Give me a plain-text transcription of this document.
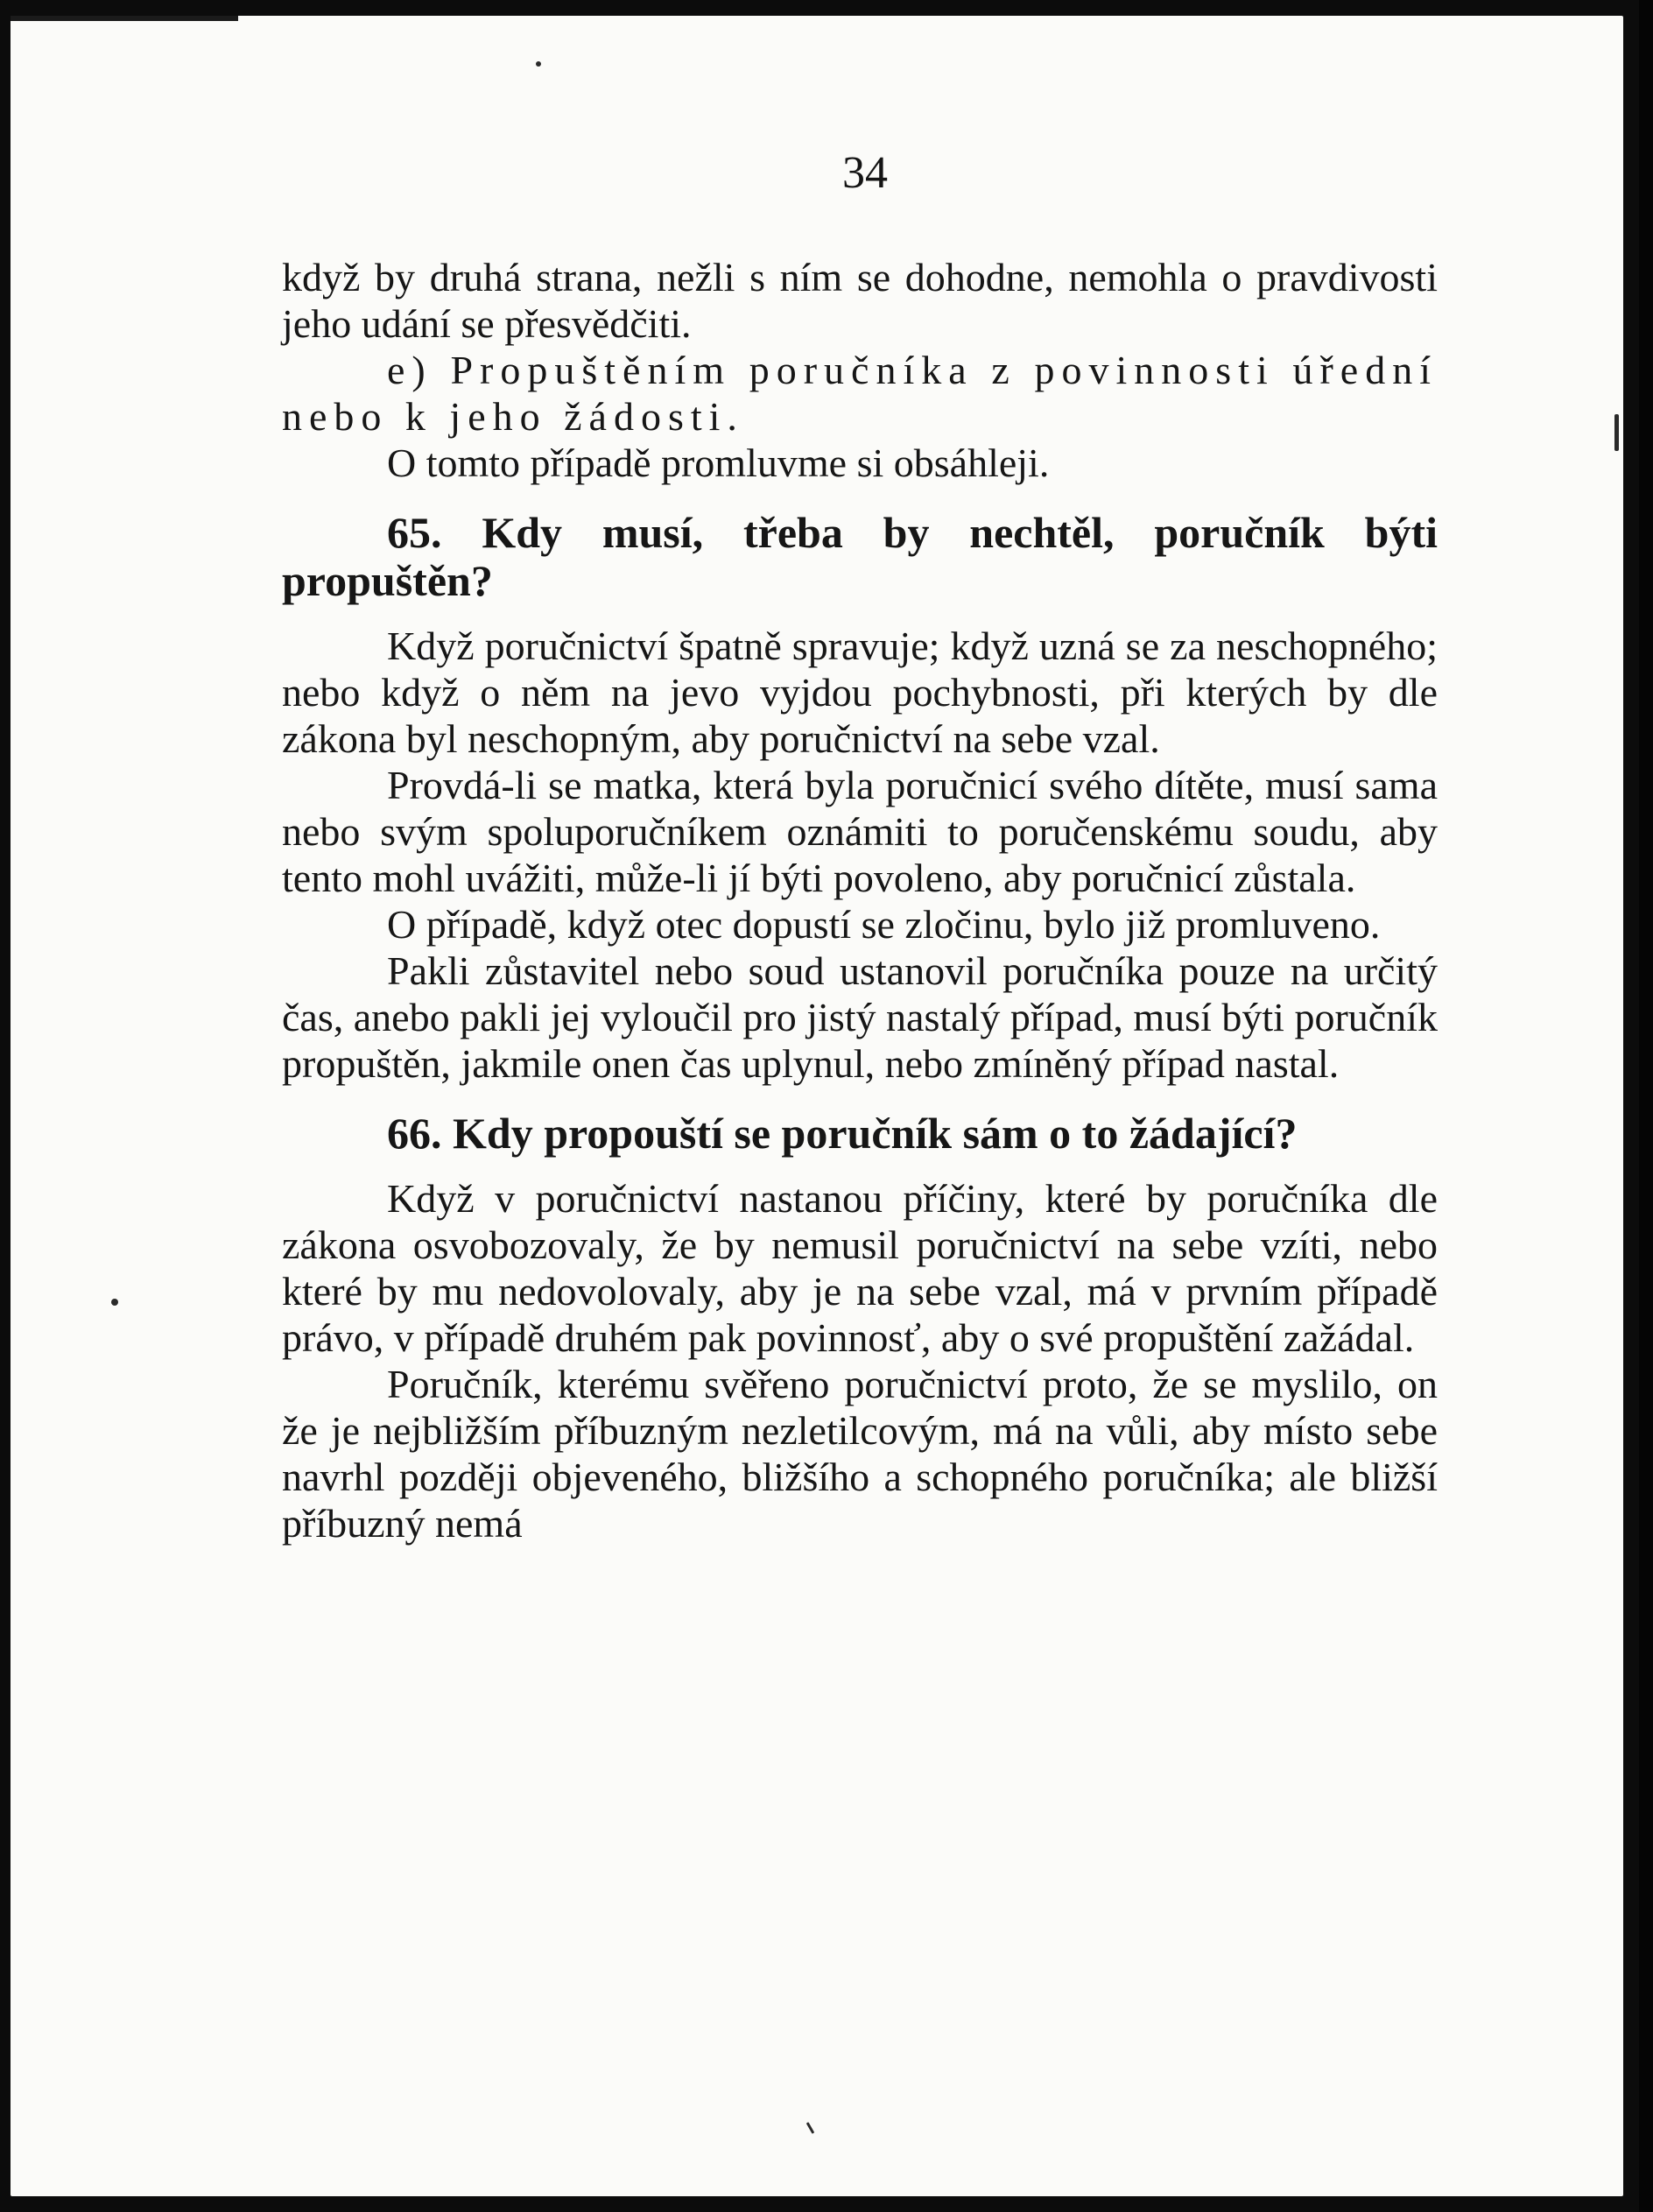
34

když by druhá strana, nežli s ním se dohodne, nemohla o pravdivosti jeho udání se přesvědčiti.

e) Propuštěním poručníka z povinnosti úřední nebo k jeho žádosti.

O tomto případě promluvme si obsáhleji.

65. Kdy musí, třeba by nechtěl, poručník býti propuštěn?

Když poručnictví špatně spravuje; když uzná se za neschopného; nebo když o něm na jevo vyjdou pochybnosti, při kterých by dle zákona byl neschopným, aby poručnictví na sebe vzal.

Provdá-li se matka, která byla poručnicí svého dítěte, musí sama nebo svým spoluporučníkem oznámiti to poručenskému soudu, aby tento mohl uvážiti, může-li jí býti povoleno, aby poručnicí zůstala.

O případě, když otec dopustí se zločinu, bylo již promluveno.

Pakli zůstavitel nebo soud ustanovil poručníka pouze na určitý čas, anebo pakli jej vyloučil pro jistý nastalý případ, musí býti poručník propuštěn, jakmile onen čas uplynul, nebo zmíněný případ nastal.

66. Kdy propouští se poručník sám o to žádající?

Když v poručnictví nastanou příčiny, které by poručníka dle zákona osvobozovaly, že by nemusil poručnictví na sebe vzíti, nebo které by mu nedovolovaly, aby je na sebe vzal, má v prvním případě právo, v případě druhém pak povinnosť, aby o své propuštění zažádal.

Poručník, kterému svěřeno poručnictví proto, že se myslilo, on že je nejbližším příbuzným nezletilcovým, má na vůli, aby místo sebe navrhl později objeveného, bližšího a schopného poručníka; ale bližší příbuzný nemá
